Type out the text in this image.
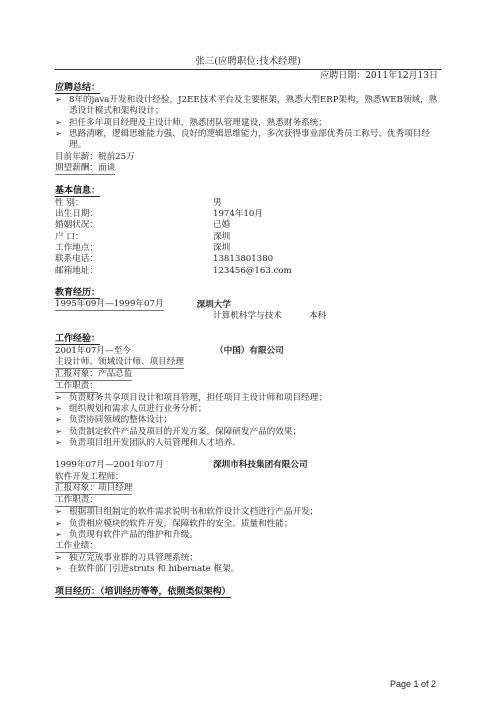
张三(应聘职位:技术经理)
应聘日期：2011年12月13日
应聘总结：
➢ 8年的java开发和设计经验，J2EE技术平台及主要框架，熟悉大型ERP架构，熟悉WEB领域，熟悉设计模式和架构设计；
➢ 担任多年项目经理及主设计师，熟悉团队管理建设，熟悉财务系统；
➢ 思路清晰，逻辑思维能力强、良好的逻辑思维能力，多次获得事业部优秀员工称号、优秀项目经理。
目前年薪：税前25万
期望薪酬：面谈
基本信息：
性 别：	男
出生日期：	1974年10月
婚姻状况：	已婚
户 口：	深圳
工作地点：	深圳
联系电话：	13813801380
邮箱地址：	123456@163.com
教育经历：
1995年09月—1999年07月	深圳大学
计算机科学与技术	本科
工作经验：
2001年07月—至今	（中国）有限公司
主设计师、领域设计师、项目经理
汇报对象：产品总监
工作职责：
➢ 负责财务共享项目设计和项目管理，担任项目主设计师和项目经理；
➢ 组织规划和需求人员进行业务分析；
➢ 负责协同领域的整体设计；
➢ 负责制定软件产品及项目的开发方案，保障研发产品的效果；
➢ 负责项目组开发团队的人员管理和人才培养。
1999年07月—2001年07月	深圳市科技集团有限公司
软件开发工程师：
汇报对象：项目经理
工作职责：
➢ 根据项目组制定的软件需求说明书和软件设计文档进行产品开发；
➢ 负责相应模块的软件开发，保障软件的安全、质量和性能；
➢ 负责现有软件产品的维护和升级。
工作业绩：
➢ 独立完成事业群的刀具管理系统；
➢ 在软件部门引进struts 和 hibernate 框架。
项目经历：（培训经历等等，依照类似架构）
Page 1 of 2
